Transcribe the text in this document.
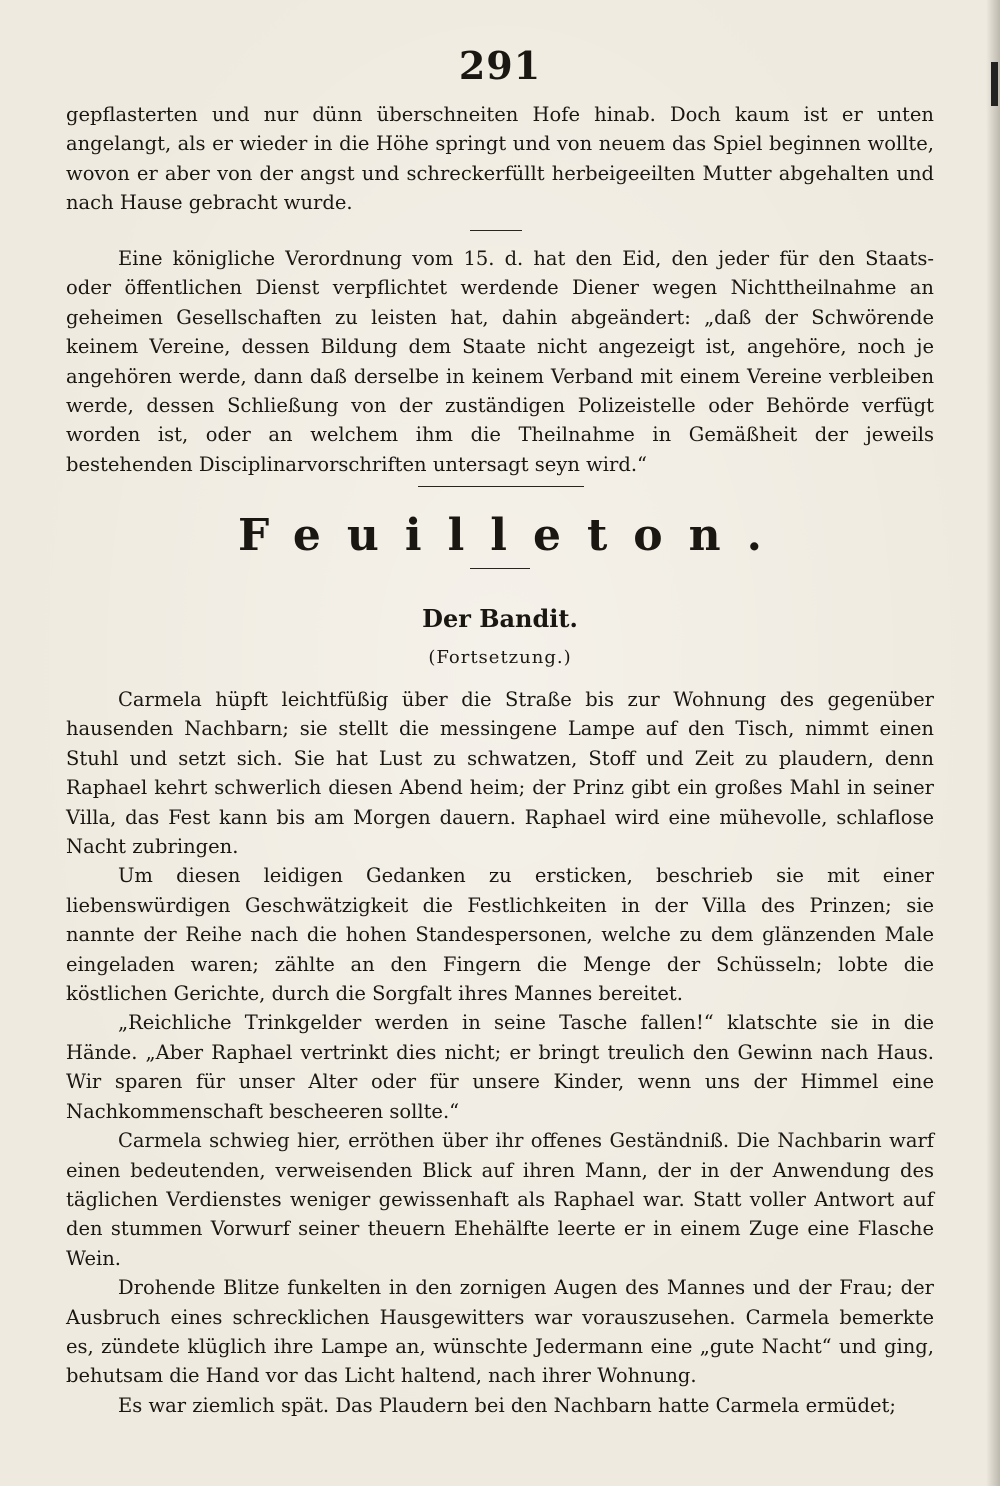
291

gepflasterten und nur dünn überschneiten Hofe hinab. Doch kaum ist er unten angelangt, als er wieder in die Höhe springt und von neuem das Spiel beginnen wollte, wovon er aber von der angst und schreckerfüllt herbeigeeilten Mutter abgehalten und nach Hause gebracht wurde.

Eine königliche Verordnung vom 15. d. hat den Eid, den jeder für den Staats- oder öffentlichen Dienst verpflichtet werdende Diener wegen Nichttheilnahme an geheimen Gesellschaften zu leisten hat, dahin abgeändert: „daß der Schwörende keinem Vereine, dessen Bildung dem Staate nicht angezeigt ist, angehöre, noch je angehören werde, dann daß derselbe in keinem Verband mit einem Vereine verbleiben werde, dessen Schließung von der zuständigen Polizeistelle oder Behörde verfügt worden ist, oder an welchem ihm die Theilnahme in Gemäßheit der jeweils bestehenden Disciplinarvorschriften untersagt seyn wird.“

Feuilleton.
Der Bandit.
(Fortsetzung.)

Carmela hüpft leichtfüßig über die Straße bis zur Wohnung des gegenüber hausenden Nachbarn; sie stellt die messingene Lampe auf den Tisch, nimmt einen Stuhl und setzt sich. Sie hat Lust zu schwatzen, Stoff und Zeit zu plaudern, denn Raphael kehrt schwerlich diesen Abend heim; der Prinz gibt ein großes Mahl in seiner Villa, das Fest kann bis am Morgen dauern. Raphael wird eine mühevolle, schlaflose Nacht zubringen.

Um diesen leidigen Gedanken zu ersticken, beschrieb sie mit einer liebenswürdigen Geschwätzigkeit die Festlichkeiten in der Villa des Prinzen; sie nannte der Reihe nach die hohen Standespersonen, welche zu dem glänzenden Male eingeladen waren; zählte an den Fingern die Menge der Schüsseln; lobte die köstlichen Gerichte, durch die Sorgfalt ihres Mannes bereitet.

„Reichliche Trinkgelder werden in seine Tasche fallen!“ klatschte sie in die Hände. „Aber Raphael vertrinkt dies nicht; er bringt treulich den Gewinn nach Haus. Wir sparen für unser Alter oder für unsere Kinder, wenn uns der Himmel eine Nachkommenschaft bescheeren sollte.“

Carmela schwieg hier, erröthen über ihr offenes Geständniß. Die Nachbarin warf einen bedeutenden, verweisenden Blick auf ihren Mann, der in der Anwendung des täglichen Verdienstes weniger gewissenhaft als Raphael war. Statt voller Antwort auf den stummen Vorwurf seiner theuern Ehehälfte leerte er in einem Zuge eine Flasche Wein.

Drohende Blitze funkelten in den zornigen Augen des Mannes und der Frau; der Ausbruch eines schrecklichen Hausgewitters war vorauszusehen. Carmela bemerkte es, zündete klüglich ihre Lampe an, wünschte Jedermann eine „gute Nacht“ und ging, behutsam die Hand vor das Licht haltend, nach ihrer Wohnung.

Es war ziemlich spät. Das Plaudern bei den Nachbarn hatte Carmela ermüdet;
